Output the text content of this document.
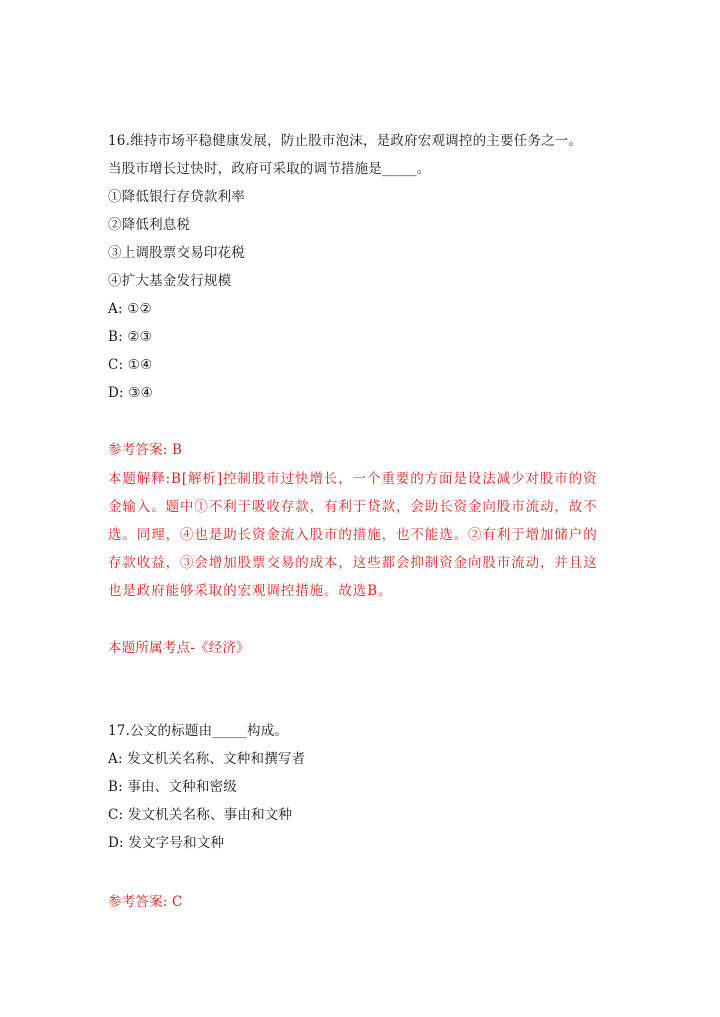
16.维持市场平稳健康发展，防止股市泡沫，是政府宏观调控的主要任务之一。
当股市增长过快时，政府可采取的调节措施是_____。
①降低银行存贷款利率
②降低利息税
③上调股票交易印花税
④扩大基金发行规模
A: ①②
B: ②③
C: ①④
D: ③④
参考答案: B
本题解释:B[解析]控制股市过快增长，一个重要的方面是设法减少对股市的资
金输入。题中①不利于吸收存款，有利于贷款，会助长资金向股市流动，故不
选。同理，④也是助长资金流入股市的措施，也不能选。②有利于增加储户的
存款收益，③会增加股票交易的成本，这些都会抑制资金向股市流动，并且这
也是政府能够采取的宏观调控措施。故选B。
本题所属考点-《经济》
17.公文的标题由_____构成。
A: 发文机关名称、文种和撰写者
B: 事由、文种和密级
C: 发文机关名称、事由和文种
D: 发文字号和文种
参考答案: C
